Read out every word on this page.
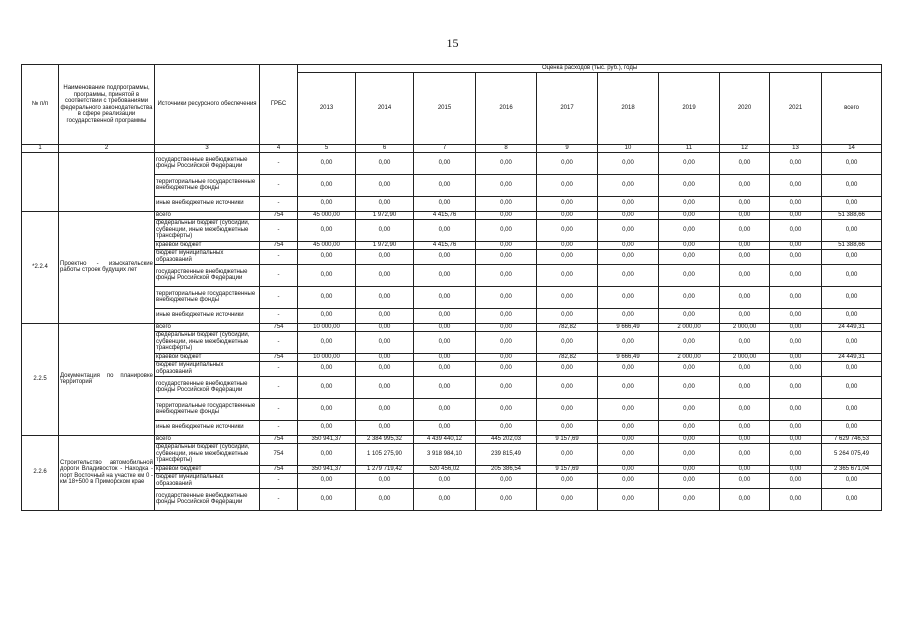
15
№ п/п	Наименование подпрограммы, программы, принятой в соответствии с требованиями федерального законодательства в сфере реализации государственной программы	Источники ресурсного обеспечения	ГРБС	Оценка расходов (тыс. руб.), годы									
				2013	2014	2015	2016	2017	2018	2019	2020	2021	всего
1	2	3	4	5	6	7	8	9	10	11	12	13	14
		государственные внебюджетные фонды Российской Федерации	-	0,00	0,00	0,00	0,00	0,00	0,00	0,00	0,00	0,00	0,00
		территориальные государственные внебюджетные фонды	-	0,00	0,00	0,00	0,00	0,00	0,00	0,00	0,00	0,00	0,00
		иные внебюджетные источники	-	0,00	0,00	0,00	0,00	0,00	0,00	0,00	0,00	0,00	0,00
*2.2.4	Проектно - изыскательские работы строек будущих лет	всего	754	45 000,00	1 972,90	4 415,76	0,00	0,00	0,00	0,00	0,00	0,00	51 388,66
		федеральный бюджет (субсидии, субвенции, иные межбюджетные трансферты)	-	0,00	0,00	0,00	0,00	0,00	0,00	0,00	0,00	0,00	0,00
		краевой бюджет	754	45 000,00	1 972,90	4 415,76	0,00	0,00	0,00	0,00	0,00	0,00	51 388,66
		бюджет муниципальных образований	-	0,00	0,00	0,00	0,00	0,00	0,00	0,00	0,00	0,00	0,00
		государственные внебюджетные фонды Российской Федерации	-	0,00	0,00	0,00	0,00	0,00	0,00	0,00	0,00	0,00	0,00
		территориальные государственные внебюджетные фонды	-	0,00	0,00	0,00	0,00	0,00	0,00	0,00	0,00	0,00	0,00
		иные внебюджетные источники	-	0,00	0,00	0,00	0,00	0,00	0,00	0,00	0,00	0,00	0,00
2.2.5	Документация по планировке территорий	всего	754	10 000,00	0,00	0,00	0,00	782,82	9 666,49	2 000,00	2 000,00	0,00	24 449,31
		федеральный бюджет (субсидии, субвенции, иные межбюджетные трансферты)	-	0,00	0,00	0,00	0,00	0,00	0,00	0,00	0,00	0,00	0,00
		краевой бюджет	754	10 000,00	0,00	0,00	0,00	782,82	9 666,49	2 000,00	2 000,00	0,00	24 449,31
		бюджет муниципальных образований	-	0,00	0,00	0,00	0,00	0,00	0,00	0,00	0,00	0,00	0,00
		государственные внебюджетные фонды Российской Федерации	-	0,00	0,00	0,00	0,00	0,00	0,00	0,00	0,00	0,00	0,00
		территориальные государственные внебюджетные фонды	-	0,00	0,00	0,00	0,00	0,00	0,00	0,00	0,00	0,00	0,00
		иные внебюджетные источники	-	0,00	0,00	0,00	0,00	0,00	0,00	0,00	0,00	0,00	0,00
2.2.6	Строительство автомобильной дороги Владивосток - Находка - порт Восточный на участке км 0 - км 18+500 в Приморском крае	всего	754	350 941,37	2 384 995,32	4 439 440,12	445 202,03	9 157,69	0,00	0,00	0,00	0,00	7 629 746,53
		федеральный бюджет (субсидии, субвенции, иные межбюджетные трансферты)	754	0,00	1 105 275,90	3 918 984,10	239 815,49	0,00	0,00	0,00	0,00	0,00	5 264 075,49
		краевой бюджет	754	350 941,37	1 279 719,42	520 456,02	205 386,54	9 157,69	0,00	0,00	0,00	0,00	2 365 671,04
		бюджет муниципальных образований	-	0,00	0,00	0,00	0,00	0,00	0,00	0,00	0,00	0,00	0,00
		государственные внебюджетные фонды Российской Федерации	-	0,00	0,00	0,00	0,00	0,00	0,00	0,00	0,00	0,00	0,00
